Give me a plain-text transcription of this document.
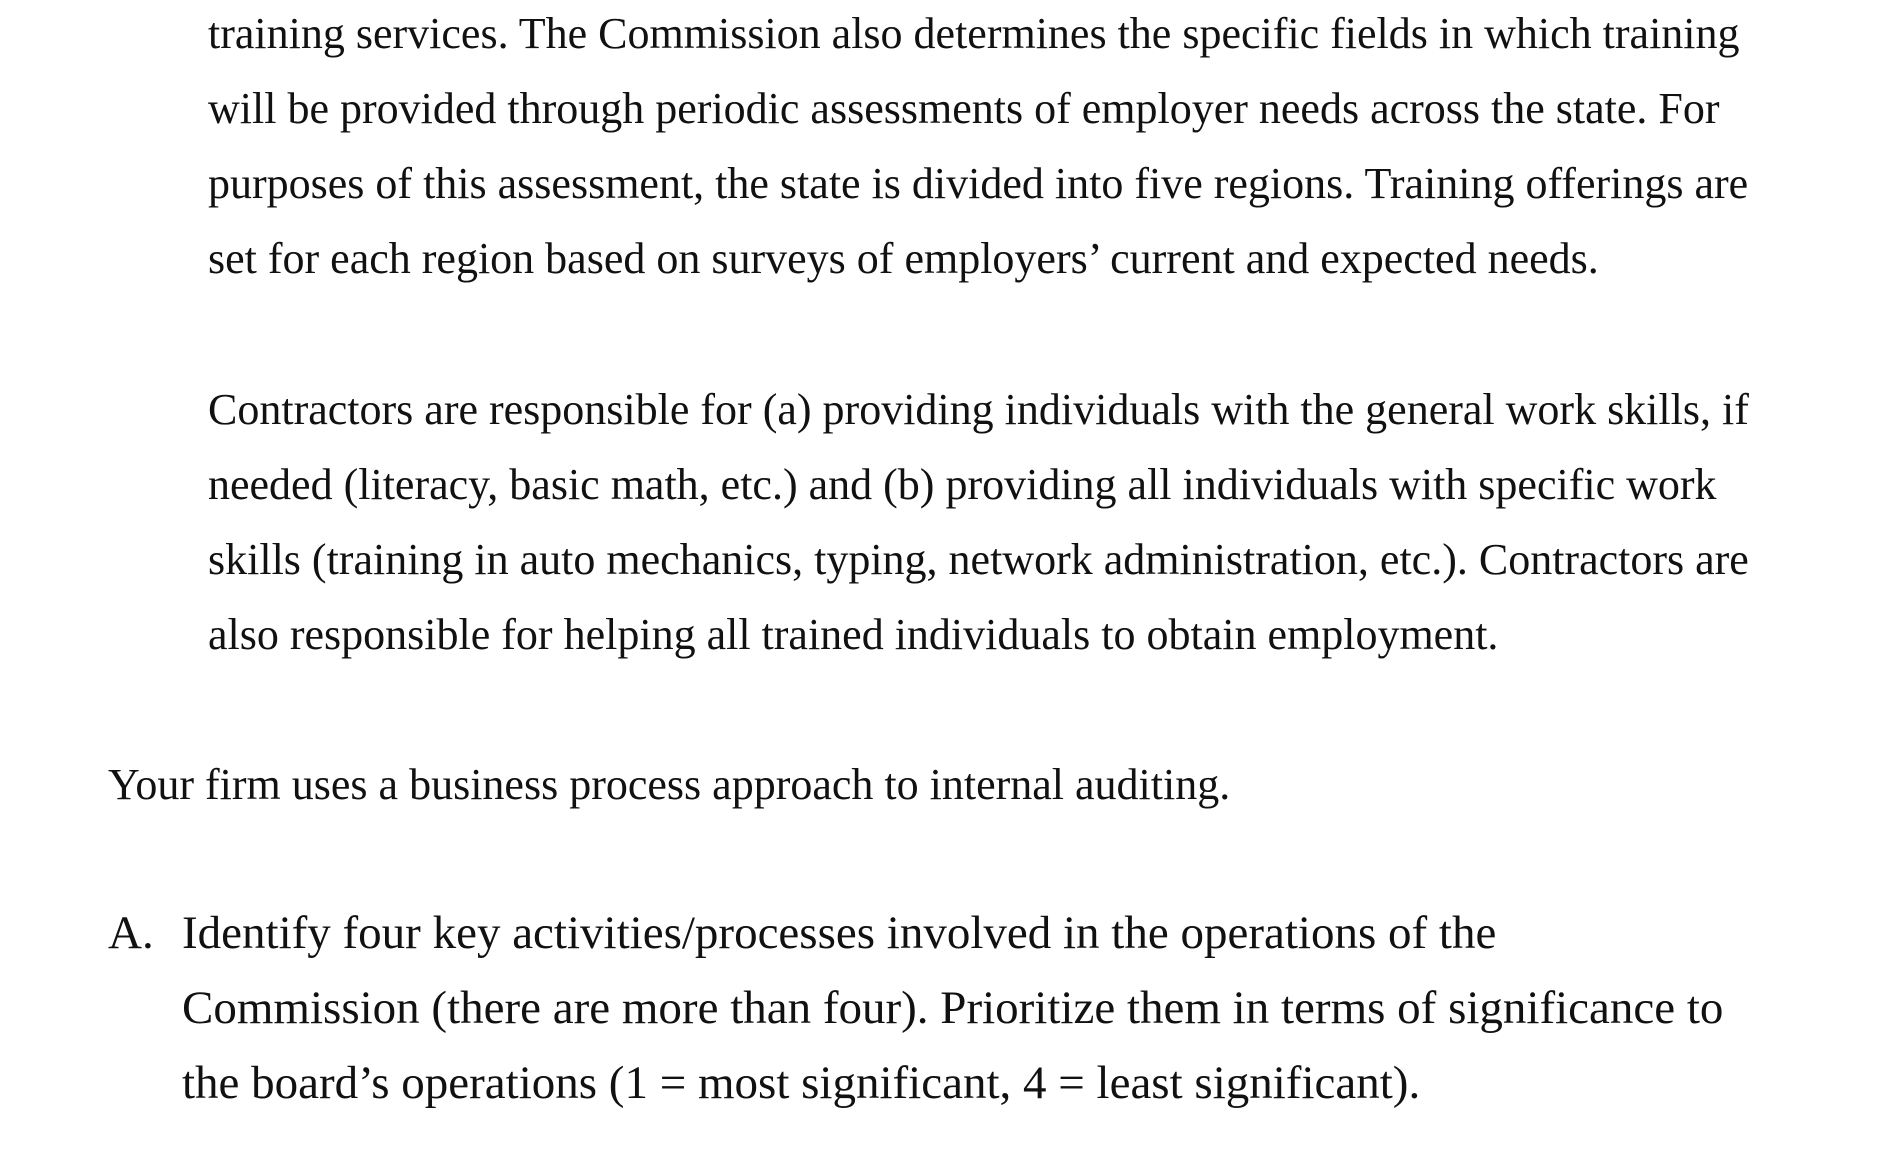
training services. The Commission also determines the specific fields in which training
will be provided through periodic assessments of employer needs across the state. For
purposes of this assessment, the state is divided into five regions. Training offerings are
set for each region based on surveys of employers’ current and expected needs.
Contractors are responsible for (a) providing individuals with the general work skills, if
needed (literacy, basic math, etc.) and (b) providing all individuals with specific work
skills (training in auto mechanics, typing, network administration, etc.). Contractors are
also responsible for helping all trained individuals to obtain employment.

Your firm uses a business process approach to internal auditing.

A. Identify four key activities/processes involved in the operations of the
Commission (there are more than four). Prioritize them in terms of significance to
the board’s operations (1 = most significant, 4 = least significant).
